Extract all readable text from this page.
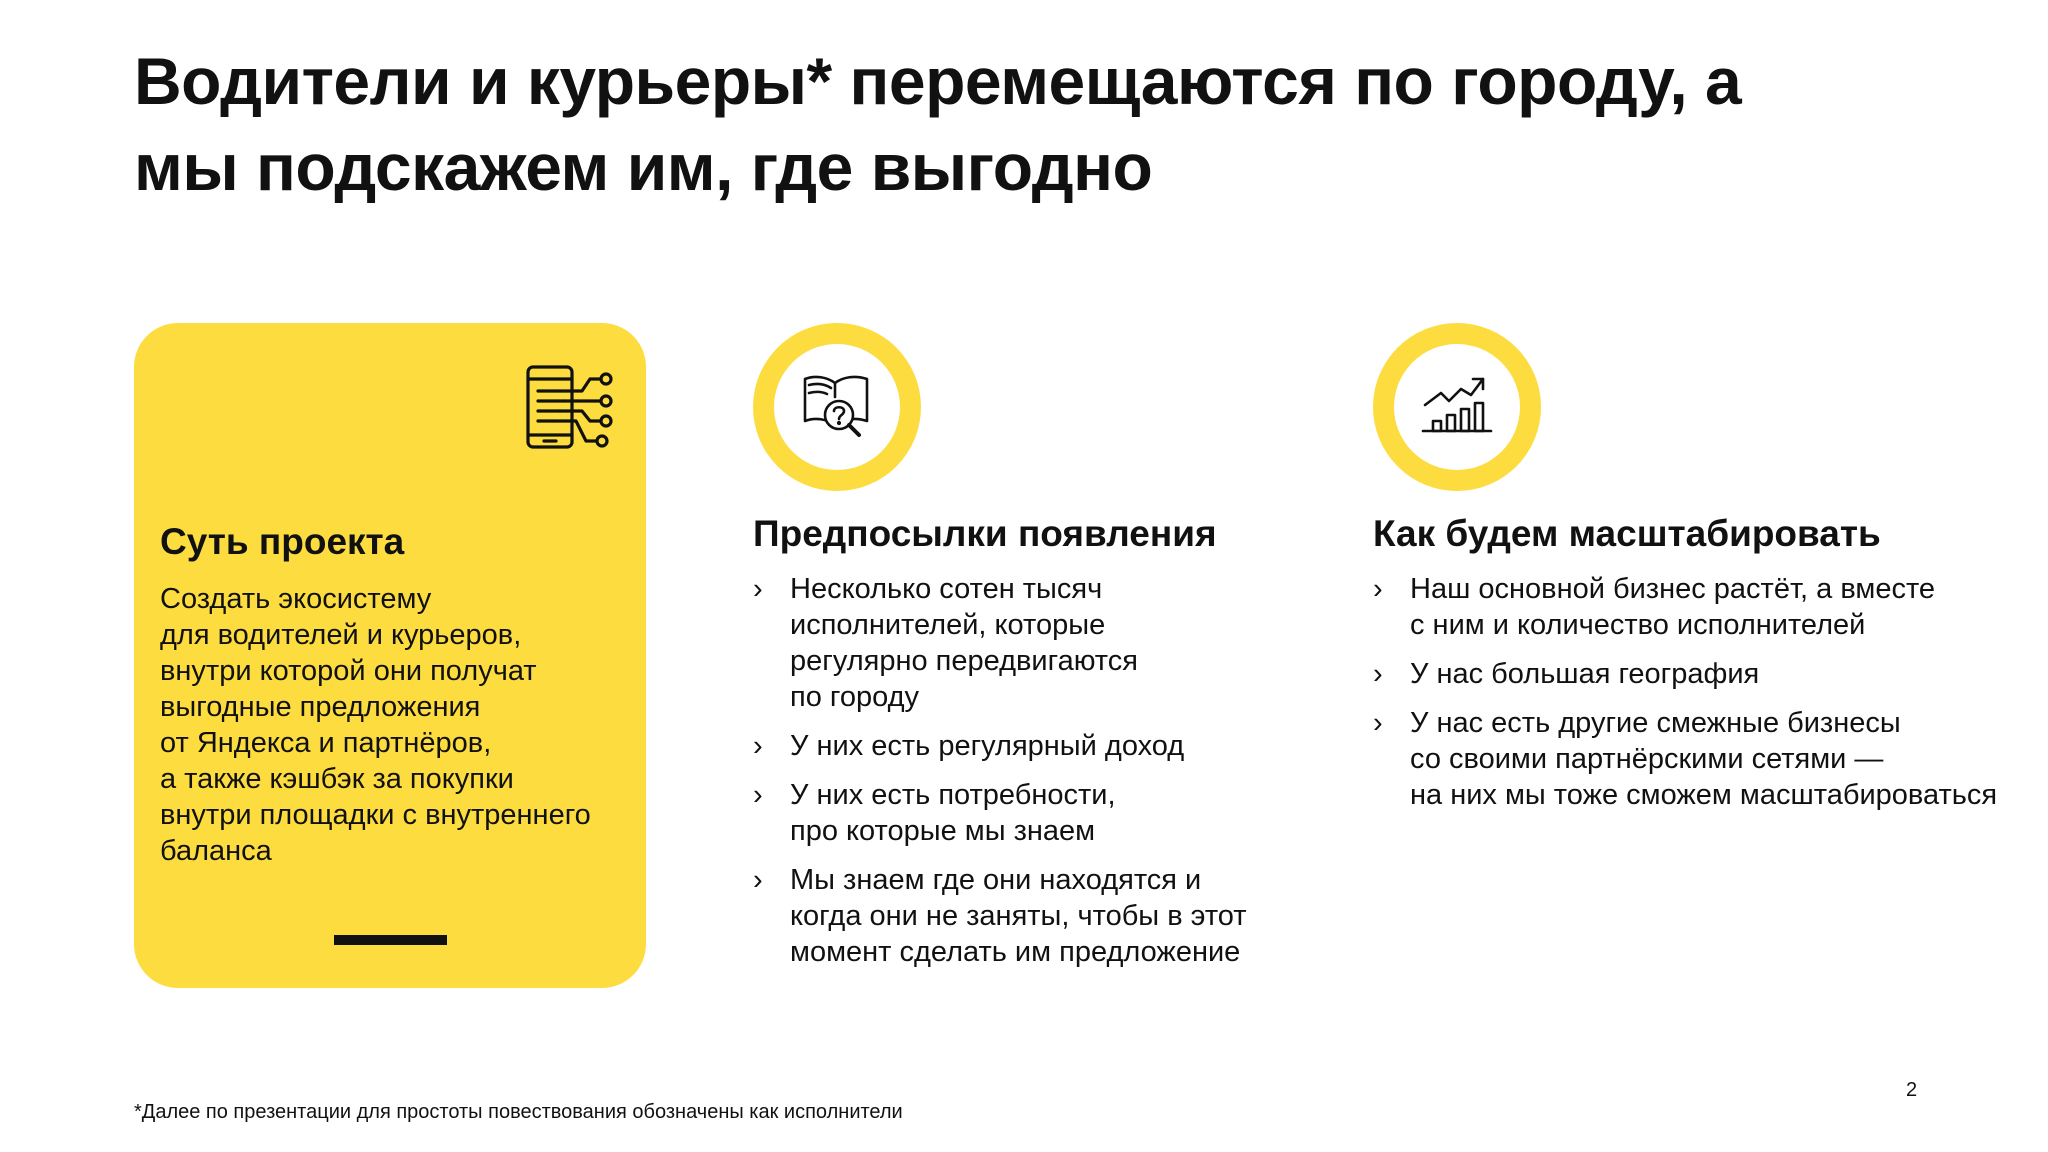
Водители и курьеры* перемещаются по городу, а
мы подскажем им, где выгодно
Суть проекта
Создать экосистему
для водителей и курьеров,
внутри которой они получат
выгодные предложения
от Яндекса и партнёров,
а также кэшбэк за покупки
внутри площадки с внутреннего
баланса
Предпосылки появления
› Несколько сотен тысяч
исполнителей, которые
регулярно передвигаются
по городу
› У них есть регулярный доход
› У них есть потребности,
про которые мы знаем
› Мы знаем где они находятся и
когда они не заняты, чтобы в этот
момент сделать им предложение
Как будем масштабировать
› Наш основной бизнес растёт, а вместе
с ним и количество исполнителей
› У нас большая география
› У нас есть другие смежные бизнесы
со своими партнёрскими сетями —
на них мы тоже сможем масштабироваться
*Далее по презентации для простоты повествования обозначены как исполнители
2
